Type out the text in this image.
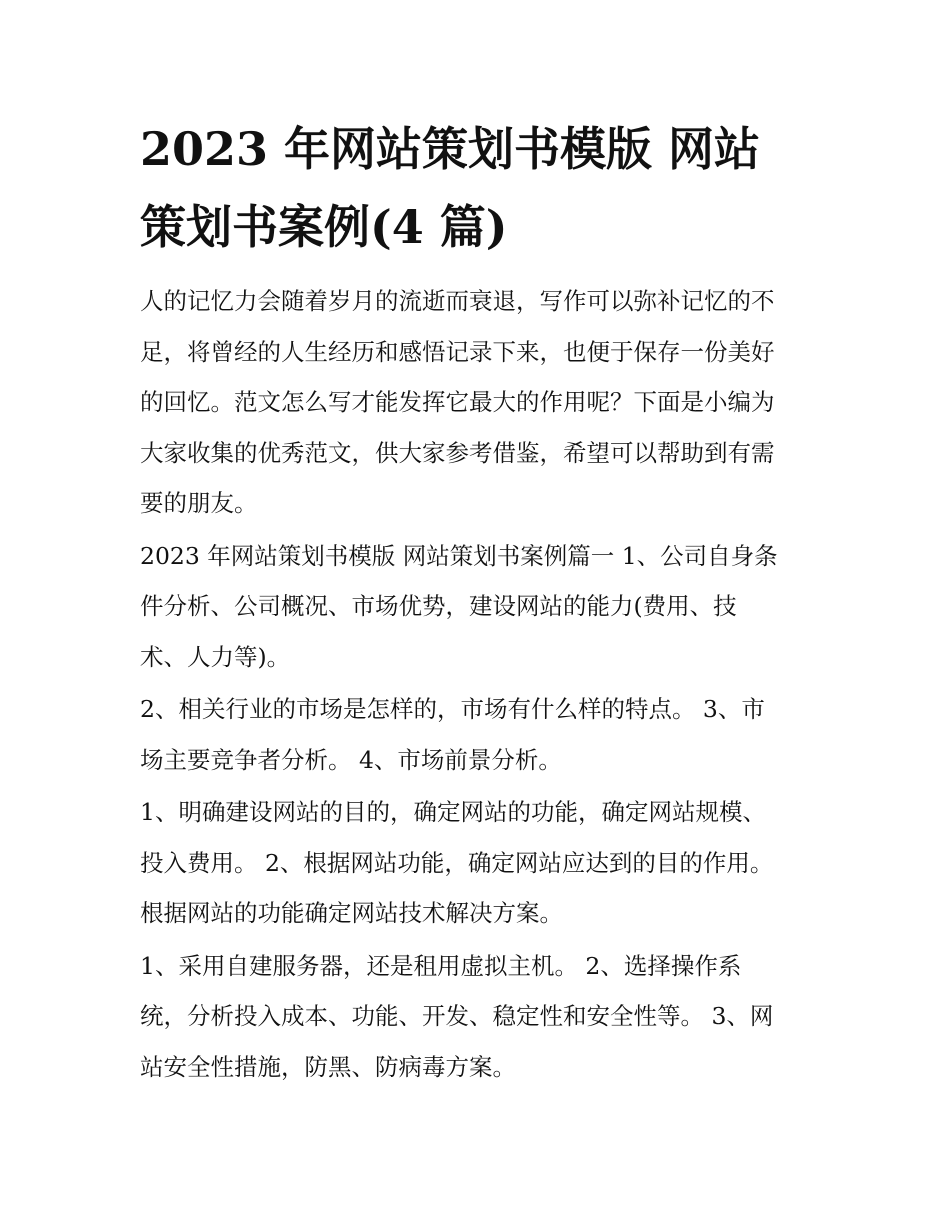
2023 年网站策划书模版 网站
策划书案例(4 篇)

人的记忆力会随着岁月的流逝而衰退，写作可以弥补记忆的不
足，将曾经的人生经历和感悟记录下来，也便于保存一份美好
的回忆。范文怎么写才能发挥它最大的作用呢？下面是小编为
大家收集的优秀范文，供大家参考借鉴，希望可以帮助到有需
要的朋友。

2023 年网站策划书模版 网站策划书案例篇一 1、公司自身条
件分析、公司概况、市场优势，建设网站的能力(费用、技
术、人力等)。

2、相关行业的市场是怎样的，市场有什么样的特点。 3、市
场主要竞争者分析。 4、市场前景分析。

1、明确建设网站的目的，确定网站的功能，确定网站规模、
投入费用。 2、根据网站功能，确定网站应达到的目的作用。
根据网站的功能确定网站技术解决方案。

1、采用自建服务器，还是租用虚拟主机。 2、选择操作系
统，分析投入成本、功能、开发、稳定性和安全性等。 3、网
站安全性措施，防黑、防病毒方案。
